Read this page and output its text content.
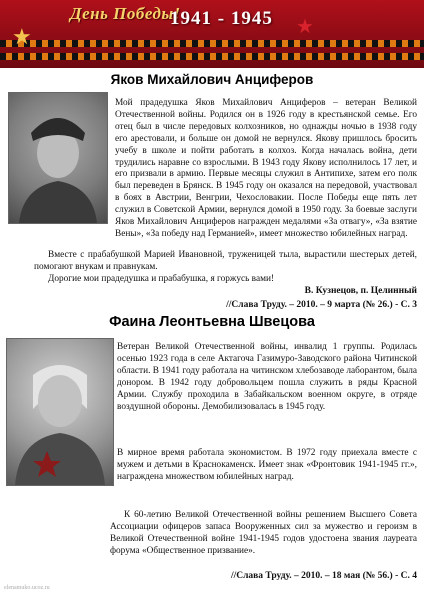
★
День Победы!
1941 - 1945 ★
Яков Михайлович Анциферов
Мой прадедушка Яков Михайлович Анциферов – ветеран Великой Отечественной войны. Родился он в 1926 году в крестьянской семье. Его отец был в числе передовых колхозников, но однажды ночью в 1938 году его арестовали, и больше он домой не вернулся. Якову пришлось бросить учебу в школе и пойти работать в колхоз. Когда началась война, дети трудились наравне со взрослыми. В 1943 году Якову исполнилось 17 лет, и его призвали в армию. Первые месяцы служил в Антипихе, затем его полк был переведен в Брянск. В 1945 году он оказался на передовой, участвовал в боях в Австрии, Венгрии, Чехословакии. После Победы еще пять лет служил в Советской Армии, вернулся домой в 1950 году. За боевые заслуги Яков Михайлович Анциферов награжден медалями «За отвагу», «За взятие Вены», «За победу над Германией», имеет множество юбилейных наград.
Вместе с прабабушкой Марией Ивановной, труженицей тыла, вырастили шестерых детей, помогают внукам и правнукам.
Дорогие мои прадедушка и прабабушка, я горжусь вами!
В. Кузнецов, п. Целинный
//Слава Труду. – 2010. – 9 марта (№ 26.) - С. 3
Фаина Леонтьевна Швецова
Ветеран Великой Отечественной войны, инвалид 1 группы. Родилась осенью 1923 года в селе Актагоча Газимуро-Заводского района Читинской области. В 1941 году работала на читинском хлебозаводе лаборантом, была донором. В 1942 году добровольцем пошла служить в ряды Красной Армии. Службу проходила в Забайкальском военном округе, в отряде воздушной обороны. Демобилизовалась в 1945 году.
В мирное время работала экономистом. В 1972 году приехала вместе с мужем и детьми в Краснокаменск. Имеет знак «Фронтовик 1941-1945 гг.», награждена множеством юбилейных наград.
К 60-летию Великой Отечественной войны решением Высшего Совета Ассоциации офицеров запаса Вооруженных сил за мужество и героизм в Великой Отечественной войне 1941-1945 годов удостоена звания лауреата форума «Общественное призвание».
//Слава Труду. – 2010. – 18 мая (№ 56.) - С. 4
elenamuko.ucoz.ru
